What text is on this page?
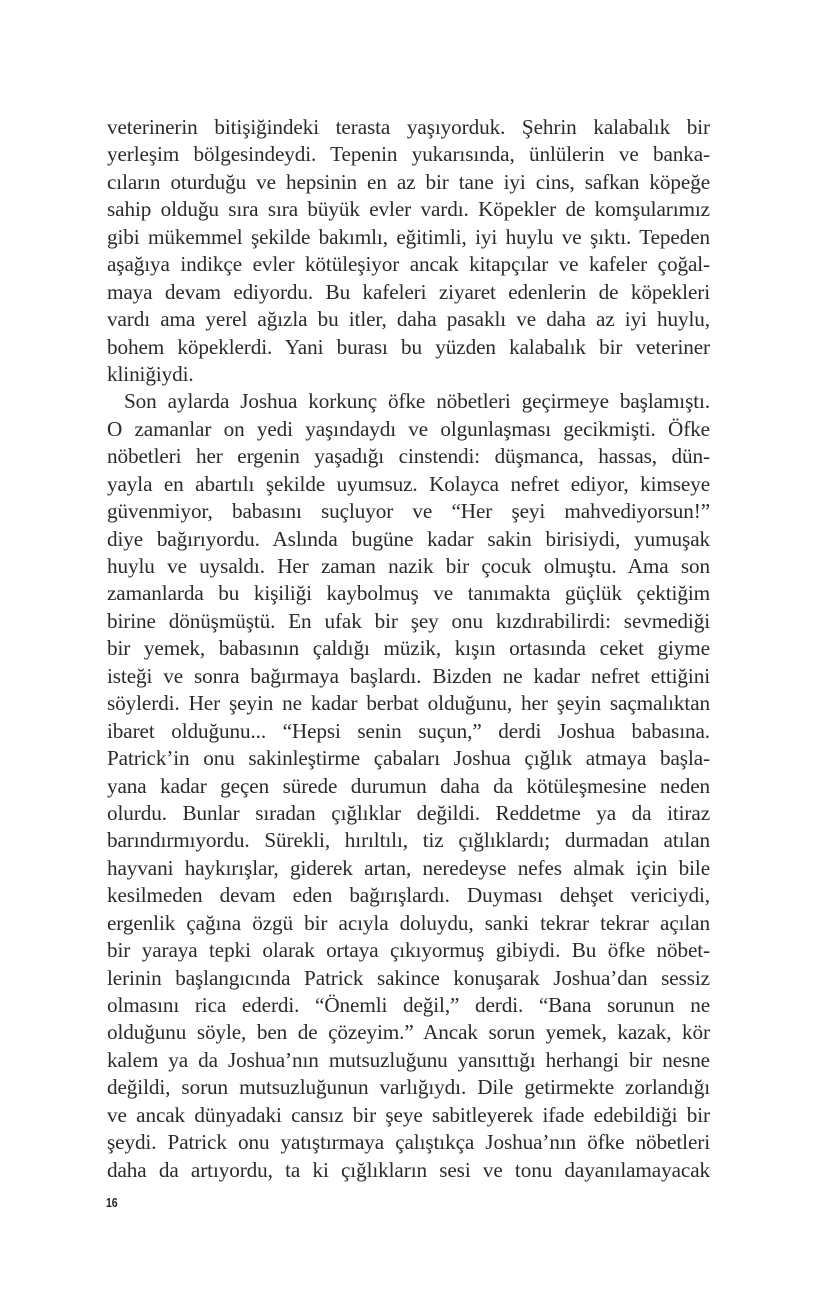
veterinerin bitişiğindeki terasta yaşıyorduk. Şehrin kalabalık bir
yerleşim bölgesindeydi. Tepenin yukarısında, ünlülerin ve banka-
cıların oturduğu ve hepsinin en az bir tane iyi cins, safkan köpeğe
sahip olduğu sıra sıra büyük evler vardı. Köpekler de komşularımız
gibi mükemmel şekilde bakımlı, eğitimli, iyi huylu ve şıktı. Tepeden
aşağıya indikçe evler kötüleşiyor ancak kitapçılar ve kafeler çoğal-
maya devam ediyordu. Bu kafeleri ziyaret edenlerin de köpekleri
vardı ama yerel ağızla bu itler, daha pasaklı ve daha az iyi huylu,
bohem köpeklerdi. Yani burası bu yüzden kalabalık bir veteriner
kliniğiydi.
Son aylarda Joshua korkunç öfke nöbetleri geçirmeye başlamıştı.
O zamanlar on yedi yaşındaydı ve olgunlaşması gecikmişti. Öfke
nöbetleri her ergenin yaşadığı cinstendi: düşmanca, hassas, dün-
yayla en abartılı şekilde uyumsuz. Kolayca nefret ediyor, kimseye
güvenmiyor, babasını suçluyor ve “Her şeyi mahvediyorsun!”
diye bağırıyordu. Aslında bugüne kadar sakin birisiydi, yumuşak
huylu ve uysaldı. Her zaman nazik bir çocuk olmuştu. Ama son
zamanlarda bu kişiliği kaybolmuş ve tanımakta güçlük çektiğim
birine dönüşmüştü. En ufak bir şey onu kızdırabilirdi: sevmediği
bir yemek, babasının çaldığı müzik, kışın ortasında ceket giyme
isteği ve sonra bağırmaya başlardı. Bizden ne kadar nefret ettiğini
söylerdi. Her şeyin ne kadar berbat olduğunu, her şeyin saçmalıktan
ibaret olduğunu... “Hepsi senin suçun,” derdi Joshua babasına.
Patrick’in onu sakinleştirme çabaları Joshua çığlık atmaya başla-
yana kadar geçen sürede durumun daha da kötüleşmesine neden
olurdu. Bunlar sıradan çığlıklar değildi. Reddetme ya da itiraz
barındırmıyordu. Sürekli, hırıltılı, tiz çığlıklardı; durmadan atılan
hayvani haykırışlar, giderek artan, neredeyse nefes almak için bile
kesilmeden devam eden bağırışlardı. Duyması dehşet vericiydi,
ergenlik çağına özgü bir acıyla doluydu, sanki tekrar tekrar açılan
bir yaraya tepki olarak ortaya çıkıyormuş gibiydi. Bu öfke nöbet-
lerinin başlangıcında Patrick sakince konuşarak Joshua’dan sessiz
olmasını rica ederdi. “Önemli değil,” derdi. “Bana sorunun ne
olduğunu söyle, ben de çözeyim.” Ancak sorun yemek, kazak, kör
kalem ya da Joshua’nın mutsuzluğunu yansıttığı herhangi bir nesne
değildi, sorun mutsuzluğunun varlığıydı. Dile getirmekte zorlandığı
ve ancak dünyadaki cansız bir şeye sabitleyerek ifade edebildiği bir
şeydi. Patrick onu yatıştırmaya çalıştıkça Joshua’nın öfke nöbetleri
daha da artıyordu, ta ki çığlıkların sesi ve tonu dayanılamayacak
16
